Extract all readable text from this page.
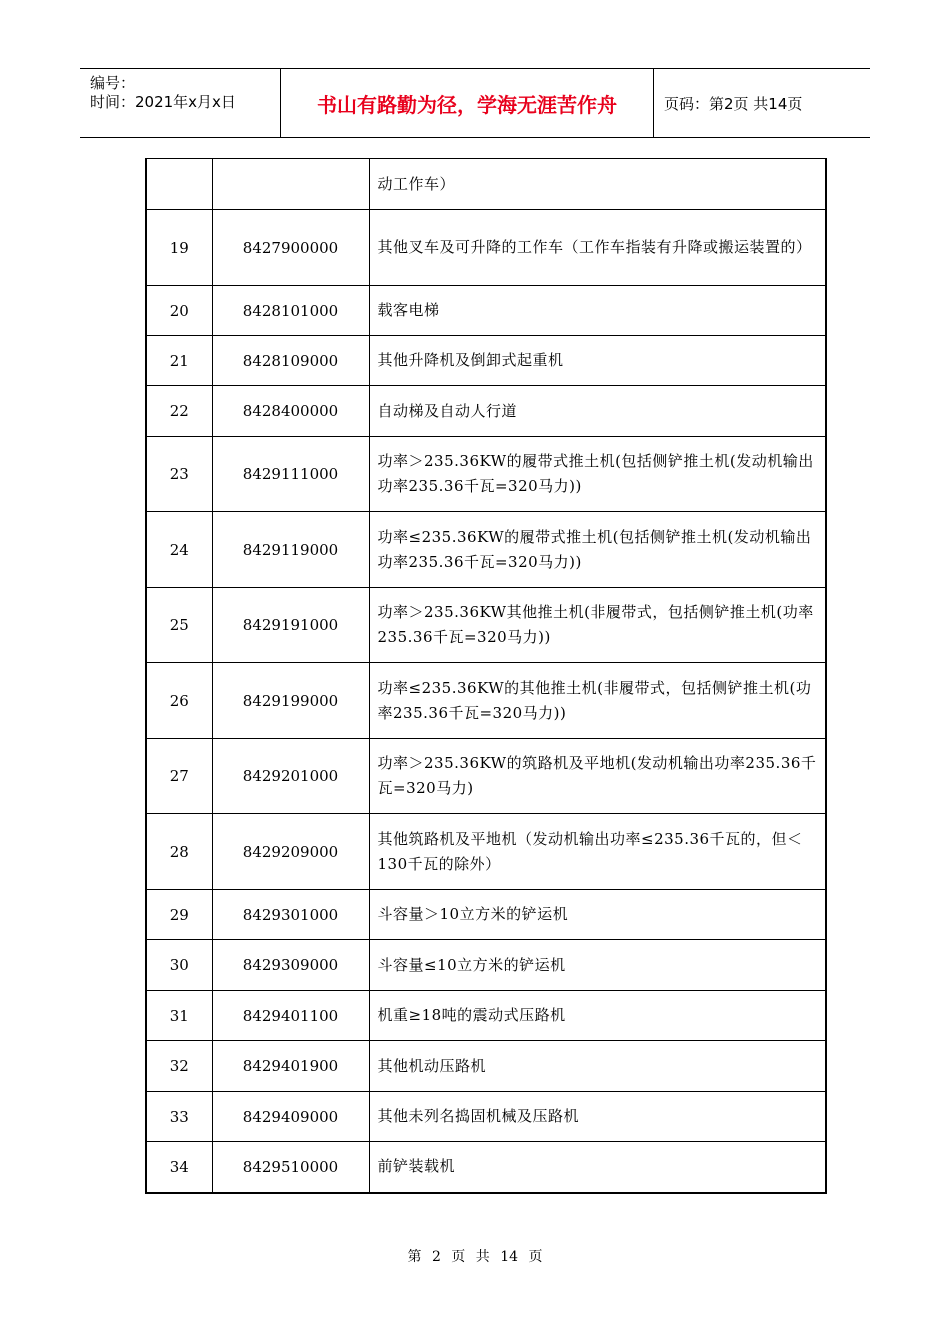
编号：
时间：2021年x月x日	书山有路勤为径，学海无涯苦作舟	页码：第2页 共14页
		动工作车）
19	8427900000	其他叉车及可升降的工作车（工作车指装有升降或搬运装置的）
20	8428101000	载客电梯
21	8428109000	其他升降机及倒卸式起重机
22	8428400000	自动梯及自动人行道
23	8429111000	功率＞235.36KW的履带式推土机(包括侧铲推土机(发动机输出功率235.36千瓦=320马力))
24	8429119000	功率≤235.36KW的履带式推土机(包括侧铲推土机(发动机输出功率235.36千瓦=320马力))
25	8429191000	功率＞235.36KW其他推土机(非履带式，包括侧铲推土机(功率235.36千瓦=320马力))
26	8429199000	功率≤235.36KW的其他推土机(非履带式，包括侧铲推土机(功率235.36千瓦=320马力))
27	8429201000	功率＞235.36KW的筑路机及平地机(发动机输出功率235.36千瓦=320马力)
28	8429209000	其他筑路机及平地机（发动机输出功率≤235.36千瓦的，但＜130千瓦的除外）
29	8429301000	斗容量＞10立方米的铲运机
30	8429309000	斗容量≤10立方米的铲运机
31	8429401100	机重≥18吨的震动式压路机
32	8429401900	其他机动压路机
33	8429409000	其他未列名捣固机械及压路机
34	8429510000	前铲装载机
第 2 页 共 14 页
